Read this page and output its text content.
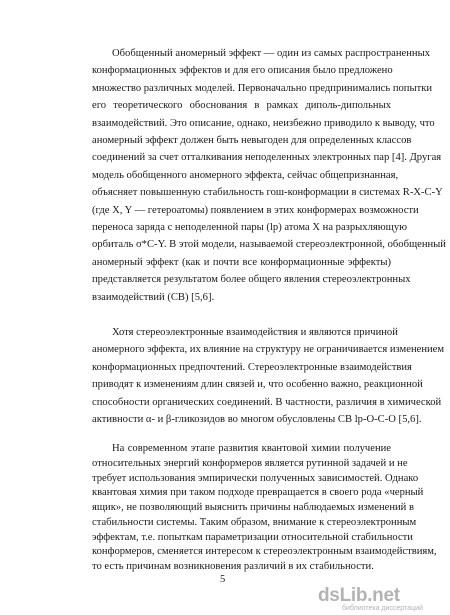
Обобщенный аномерный эффект — один из самых распространенных
конформационных эффектов и для его описания было предложено
множество различных моделей. Первоначально предпринимались попытки
его теоретического обоснования в рамках диполь-дипольных
взаимодействий. Это описание, однако, неизбежно приводило к выводу, что
аномерный эффект должен быть невыгоден для определенных классов
соединений за счет отталкивания неподеленных электронных пар [4]. Другая
модель обобщенного аномерного эффекта, сейчас общепризнанная,
объясняет повышенную стабильность гош-конформации в системах R-X-C-Y
(где X, Y — гетероатомы) появлением в этих конформерах возможности
переноса заряда с неподеленной пары (lp) атома X на разрыхляющую
орбиталь σ*C-Y. В этой модели, называемой стереоэлектронной, обобщенный
аномерный эффект (как и почти все конформационные эффекты)
представляется результатом более общего явления стереоэлектронных
взаимодействий (СВ) [5,6].
Хотя стереоэлектронные взаимодействия и являются причиной
аномерного эффекта, их влияние на структуру не ограничивается изменением
конформационных предпочтений. Стереоэлектронные взаимодействия
приводят к изменениям длин связей и, что особенно важно, реакционной
способности органических соединений. В частности, различия в химической
активности α- и β-гликозидов во многом обусловлены СВ lp-O-C-O [5,6].
На современном этапе развития квантовой химии получение
относительных энергий конформеров является рутинной задачей и не
требует использования эмпирически полученных зависимостей. Однако
квантовая химия при таком подходе превращается в своего рода «черный
ящик», не позволяющий выяснить причины наблюдаемых изменений в
стабильности системы. Таким образом, внимание к стереоэлектронным
эффектам, т.е. попыткам параметризации относительной стабильности
конформеров, сменяется интересом к стереоэлектронным взаимодействиям,
то есть причинам возникновения различий в их стабильности.
5
dsLib.net
библиотека диссертаций
